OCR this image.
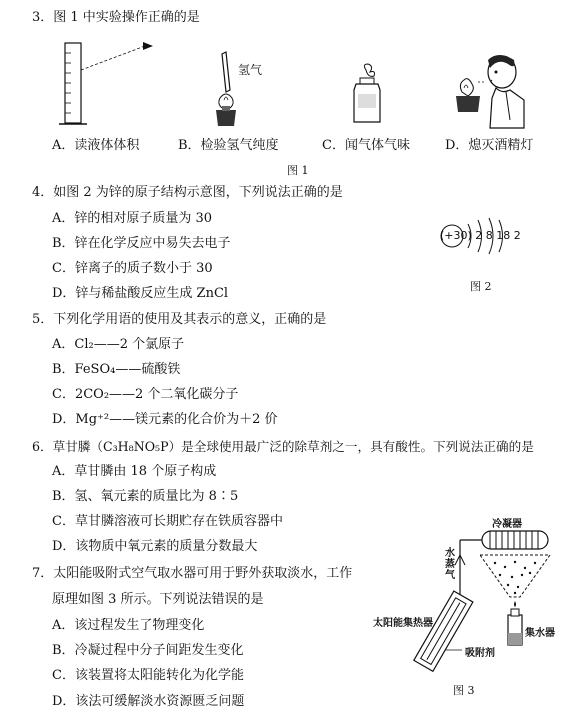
3．图 1 中实验操作正确的是
氢气
A．读液体体积	B．检验氢气纯度	C．闻气体气味	D．熄灭酒精灯
图 1
4．如图 2 为锌的原子结构示意图，下列说法正确的是
A．锌的相对原子质量为 30
B．锌在化学反应中易失去电子
C．锌离子的质子数小于 30
D．锌与稀盐酸反应生成 ZnCl
(+30) 2 8 18 2
图 2
5．下列化学用语的使用及其表示的意义，正确的是
A．Cl₂——2 个氯原子
B．FeSO₄——硫酸铁
C．2CO₂——2 个二氧化碳分子
D．Mg⁺²——镁元素的化合价为＋2 价
6．草甘膦（C₃H₈NO₅P）是全球使用最广泛的除草剂之一，具有酸性。下列说法正确的是
A．草甘膦由 18 个原子构成
B．氢、氧元素的质量比为 8∶5
C．草甘膦溶液可长期贮存在铁质容器中
D．该物质中氧元素的质量分数最大
7．太阳能吸附式空气取水器可用于野外获取淡水，工作
原理如图 3 所示。下列说法错误的是
A．该过程发生了物理变化
B．冷凝过程中分子间距发生变化
C．该装置将太阳能转化为化学能
D．该法可缓解淡水资源匮乏问题
冷凝器
水蒸气
太阳能集热器
吸附剂
集水器
图 3
